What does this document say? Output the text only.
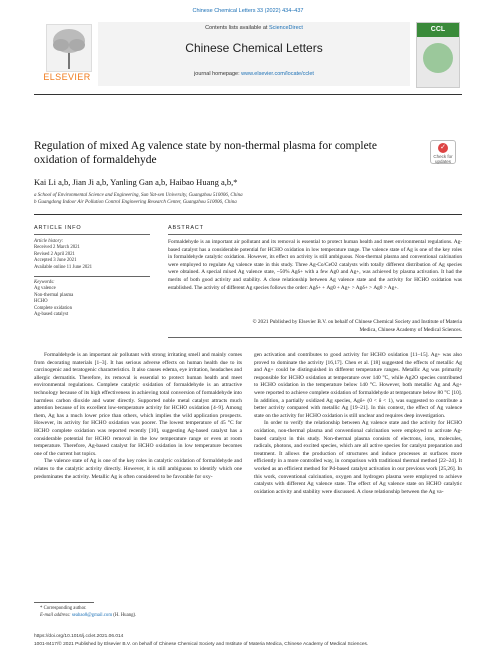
Chinese Chemical Letters 33 (2022) 434–437
ELSEVIER
Contents lists available at ScienceDirect
Chinese Chemical Letters
journal homepage: www.elsevier.com/locate/cclet
CCL
Regulation of mixed Ag valence state by non-thermal plasma for complete oxidation of formaldehyde
✓
Check for updates
Kai Li a,b, Jian Ji a,b, Yanling Gan a,b, Haibao Huang a,b,*
a School of Environmental Science and Engineering, Sun Yat-sen University, Guangzhou 510006, China
b Guangdong Indoor Air Pollution Control Engineering Research Center, Guangzhou 510006, China
ARTICLE INFO	ABSTRACT
Article history:
Received 2 March 2021
Revised 2 April 2021
Accepted 3 June 2021
Available online 11 June 2021
Keywords:
Ag valence
Non-thermal plasma
HCHO
Complete oxidation
Ag-based catalyst
Formaldehyde is an important air pollutant and its removal is essential to protect human health and meet environmental regulations. Ag-based catalyst has a considerable potential for HCHO oxidation in low temperature range. The valence state of Ag is one of the key roles in formaldehyde catalytic oxidation. However, its effect on activity is still ambiguous. Non-thermal plasma and conventional calcination were employed to regulate Ag valence state in this study. Three Ag-Co/CeO2 catalysts with totally different distribution of Ag species were obtained. A special mixed Ag valence state, ~50% Agδ+ with a few Ag0 and Ag+, was achieved by plasma activation. It had the merits of both good activity and stability. A close relationship between Ag valence state and the activity for HCHO oxidation was established. The activity of different Ag species follows the order: Agδ+ + Ag0 + Ag+ > Agδ+ > Ag0 > Ag+.
© 2021 Published by Elsevier B.V. on behalf of Chinese Chemical Society and Institute of Materia
Medica, Chinese Academy of Medical Sciences.

Formaldehyde is an important air pollutant with strong irritating smell and mainly comes from decorating materials [1–3]. It has serious adverse effects on human health due to its carcinogenic and teratogenic characteristics. It also causes edema, eye irritation, headaches and allergic dermatitis. Therefore, its removal is essential to protect human health and meet environmental regulations. Complete catalytic oxidation of formaldehyde is an attractive technology because of its high effectiveness in achieving total conversion of formaldehyde into harmless carbon dioxide and water directly. Supported noble metal catalyst attracts much attention because of its excellent low-temperature activity for HCHO oxidation [4–9]. Among them, Ag has a much lower price than others, which implies the wild application prospects. However, its activity for HCHO oxidation was poorer. The lowest temperature of 45 °C for HCHO complete oxidation was reported recently [10], suggesting Ag-based catalyst has a considerable potential for HCHO removal in the low temperature range or even at room temperature. Therefore, Ag-based catalyst for HCHO oxidation in low temperature becomes one of the current hot topics.

The valence state of Ag is one of the key roles in catalytic oxidation of formaldehyde and relates to the catalytic activity directly. However, it is still ambiguous to identify which one predominates the activity. Metallic Ag is often considered to be favorable for oxy-

gen activation and contributes to good activity for HCHO oxidation [11–15]. Ag+ was also proved to dominate the activity [16,17]. Chen et al. [18] suggested the effects of metallic Ag and Ag+ could be distinguished in different temperature ranges. Metallic Ag was primarily responsible for HCHO oxidation at temperature over 140 °C, while Ag2O species contributed to HCHO oxidation in the temperature below 140 °C. However, both metallic Ag and Ag+ were reported to achieve complete oxidation of formaldehyde at temperature below 80 °C [10]. In addition, a partially oxidized Ag species, Agδ+ (0 < δ < 1), was suggested to contribute a better activity compared with metallic Ag [19–21]. In this context, the effect of Ag valence state on the activity for HCHO oxidation is still unclear and requires deep investigation.

In order to verify the relationship between Ag valence state and the activity for HCHO oxidation, non-thermal plasma and conventional calcination were employed to activate Ag-based catalyst in this study. Non-thermal plasma consists of electrons, ions, molecules, radicals, photons, and excited species, which are all active species for catalyst preparation and treatment. It allows the production of structures and induce processes at surfaces more efficiently in a more controlled way, in comparison with traditional thermal method [22–24]. It worked as an efficient method for Pd-based catalyst activation in our previous work [25,26]. In this work, conventional calcination, oxygen and hydrogen plasma were employed to achieve catalysts with different Ag valence state. The effect of Ag valence state on HCHO catalytic oxidation activity and stability were discussed. A close relationship between the Ag va-

* Corresponding author.
E-mail address: seabao8@gmail.com (H. Huang).
https://doi.org/10.1016/j.cclet.2021.06.014
1001-8417/© 2021 Published by Elsevier B.V. on behalf of Chinese Chemical Society and Institute of Materia Medica, Chinese Academy of Medical Sciences.
